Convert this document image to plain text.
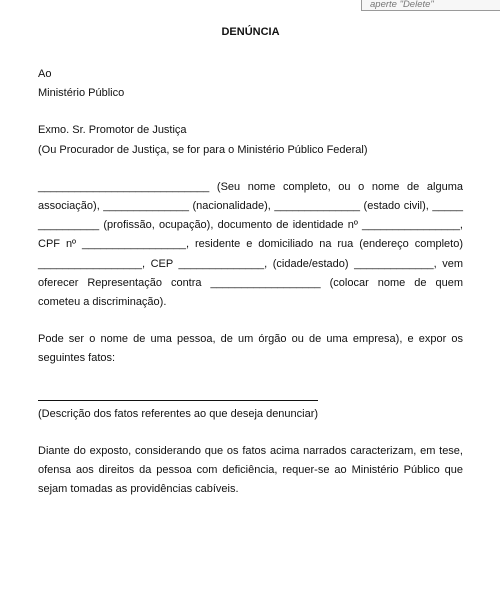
aperte "Delete"

DENÚNCIA

Ao
Ministério Público
Exmo. Sr. Promotor de Justiça
(Ou Procurador de Justiça, se for para o Ministério Público Federal)

____________________________ (Seu nome completo, ou o nome de alguma associação), ______________ (nacionalidade), ______________ (estado civil), _____ __________ (profissão, ocupação), documento de identidade nº ________________, CPF nº _________________, residente e domiciliado na rua (endereço completo) _________________, CEP ______________, (cidade/estado) _____________, vem oferecer Representação contra __________________ (colocar nome de quem cometeu a discriminação).

Pode ser o nome de uma pessoa, de um órgão ou de uma empresa), e expor os seguintes fatos:

(Descrição dos fatos referentes ao que deseja denunciar)

Diante do exposto, considerando que os fatos acima narrados caracterizam, em tese, ofensa aos direitos da pessoa com deficiência, requer-se ao Ministério Público que sejam tomadas as providências cabíveis.
